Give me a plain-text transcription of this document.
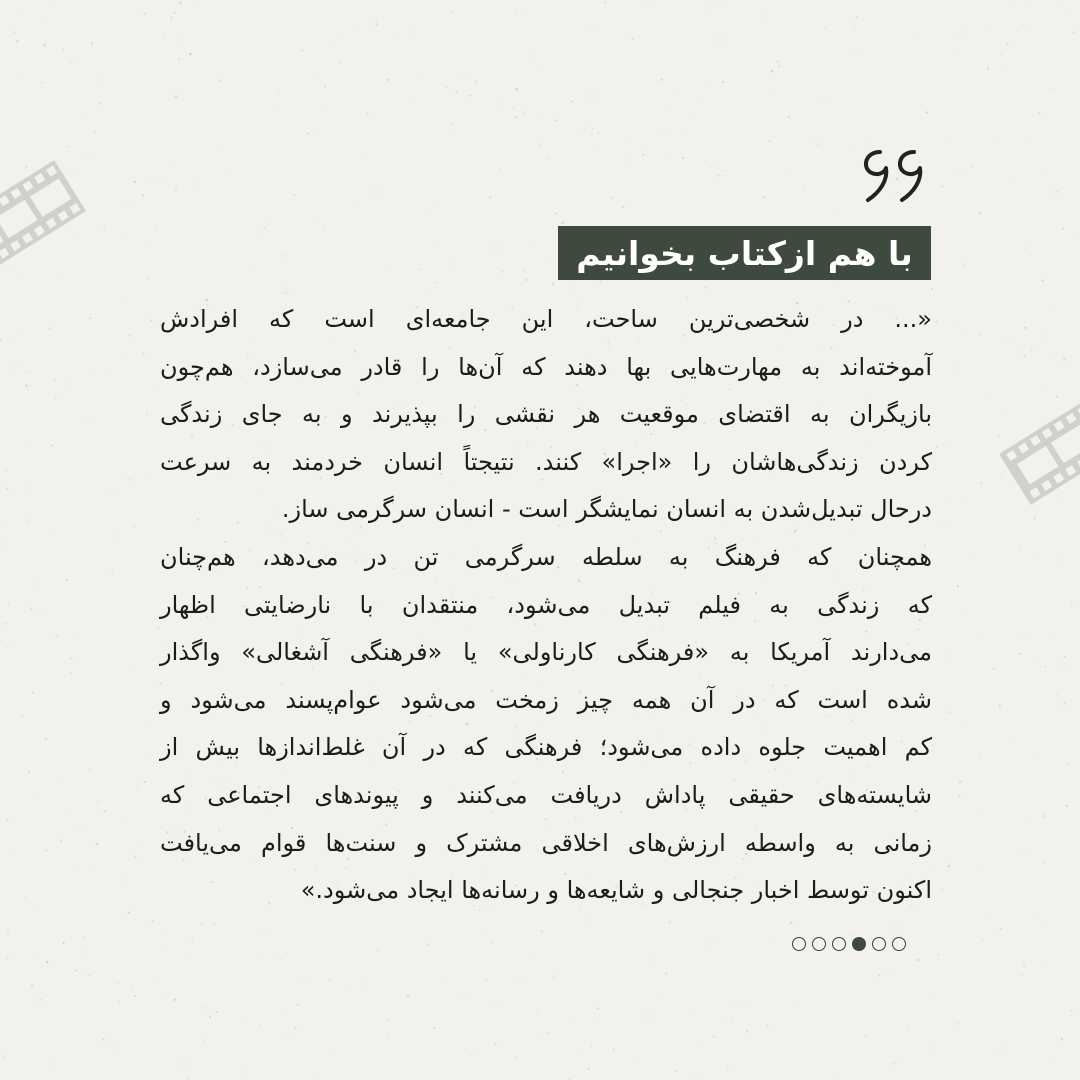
با هم ازکتاب بخوانیم
«... در شخصی‌ترین ساحت، این جامعه‌ای است که افرادش
آموخته‌اند به مهارت‌هایی بها دهند که آن‌ها را قادر می‌سازد، هم‌چون
بازیگران به اقتضای موقعیت هر نقشی را بپذیرند و به جای زندگی
کردن زندگی‌هاشان را «اجرا» کنند. نتیجتاً انسان خردمند به سرعت
درحال تبدیل‌شدن به انسان نمایشگر است - انسان سرگرمی ساز.
همچنان که فرهنگ به سلطه سرگرمی تن در می‌دهد، هم‌چنان
که زندگی به فیلم تبدیل می‌شود، منتقدان با نارضایتی اظهار
می‌دارند آمریکا به «فرهنگی کارناولی» یا «فرهنگی آشغالی» واگذار
شده است که در آن همه چیز زمخت می‌شود عوام‌پسند می‌شود و
کم اهمیت جلوه داده می‌شود؛ فرهنگی که در آن غلط‌اندازها بیش از
شایسته‌های حقیقی پاداش دریافت می‌کنند و پیوندهای اجتماعی که
زمانی به واسطه ارزش‌های اخلاقی مشترک و سنت‌ها قوام می‌یافت
اکنون توسط اخبار جنجالی و شایعه‌ها و رسانه‌ها ایجاد می‌شود.»
